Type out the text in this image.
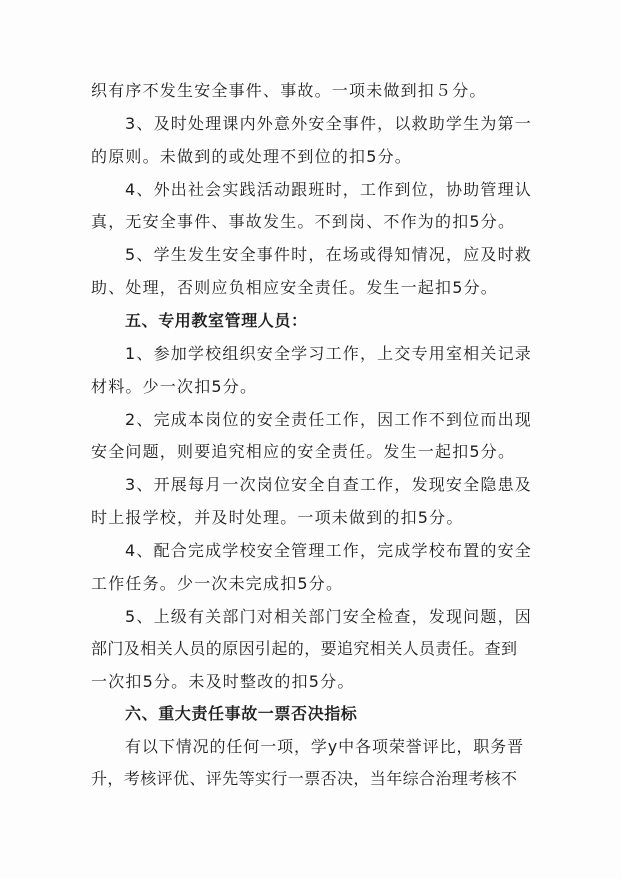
织有序不发生安全事件、事故。一项未做到扣５分。
3、及时处理课内外意外安全事件，以救助学生为第一
的原则。未做到的或处理不到位的扣5分。
4、外出社会实践活动跟班时，工作到位，协助管理认
真，无安全事件、事故发生。不到岗、不作为的扣5分。
5、学生发生安全事件时，在场或得知情况，应及时救
助、处理，否则应负相应安全责任。发生一起扣5分。
五、专用教室管理人员：
1、参加学校组织安全学习工作，上交专用室相关记录
材料。少一次扣5分。
2、完成本岗位的安全责任工作，因工作不到位而出现
安全问题，则要追究相应的安全责任。发生一起扣5分。
3、开展每月一次岗位安全自查工作，发现安全隐患及
时上报学校，并及时处理。一项未做到的扣5分。
4、配合完成学校安全管理工作，完成学校布置的安全
工作任务。少一次未完成扣5分。
5、上级有关部门对相关部门安全检查，发现问题，因
部门及相关人员的原因引起的，要追究相关人员责任。查到
一次扣5分。未及时整改的扣5分。
六、重大责任事故一票否决指标
有以下情况的任何一项，学y中各项荣誉评比，职务晋
升，考核评优、评先等实行一票否决，当年综合治理考核不
